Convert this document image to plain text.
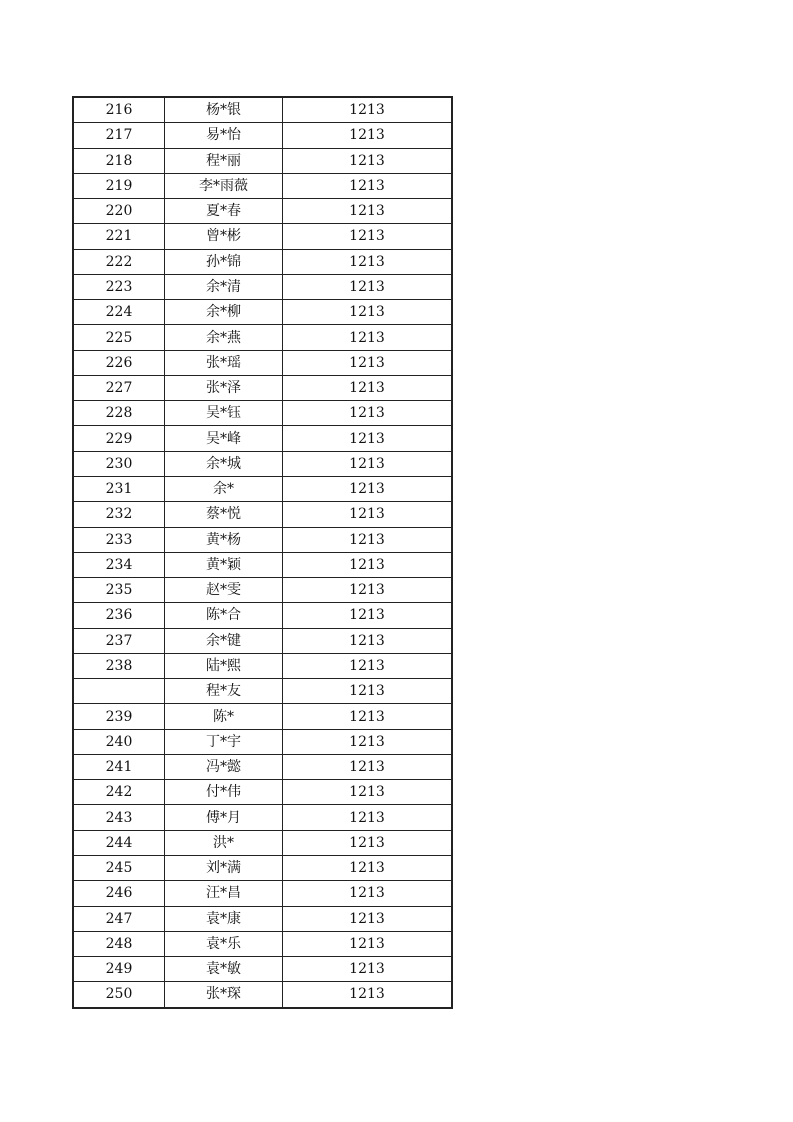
216	杨*银	1213
217	易*怡	1213
218	程*丽	1213
219	李*雨薇	1213
220	夏*春	1213
221	曾*彬	1213
222	孙*锦	1213
223	余*清	1213
224	余*柳	1213
225	余*燕	1213
226	张*瑶	1213
227	张*泽	1213
228	吴*钰	1213
229	吴*峰	1213
230	余*城	1213
231	余*	1213
232	蔡*悦	1213
233	黄*杨	1213
234	黄*颖	1213
235	赵*雯	1213
236	陈*合	1213
237	余*键	1213
238	陆*熙	1213
	程*友	1213
239	陈*	1213
240	丁*宇	1213
241	冯*懿	1213
242	付*伟	1213
243	傅*月	1213
244	洪*	1213
245	刘*满	1213
246	汪*昌	1213
247	袁*康	1213
248	袁*乐	1213
249	袁*敏	1213
250	张*琛	1213
